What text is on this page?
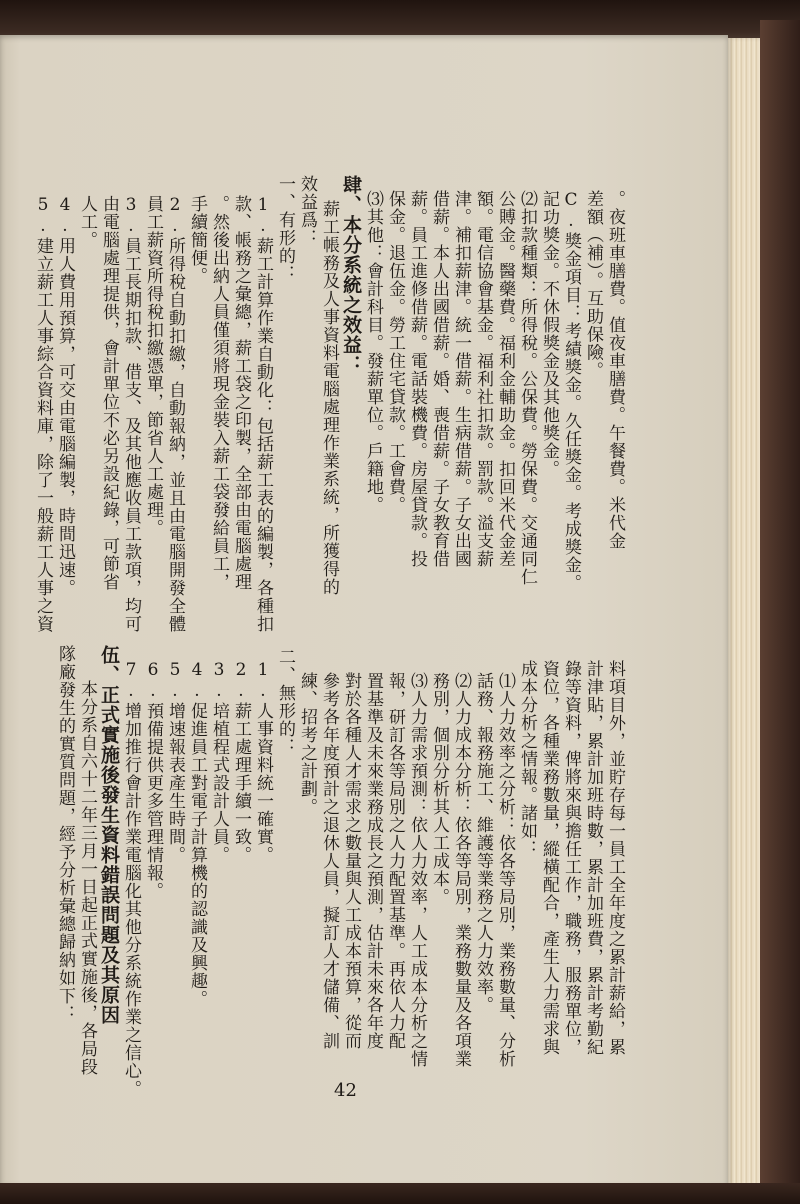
。夜班車膳費。值夜車膳費。午餐費。米代金
差額（補）。互助保險。
C.獎金項目：考績獎金。久任獎金。考成獎金。
記功獎金。不休假獎金及其他獎金。
⑵扣款種類：所得稅。公保費。勞保費。交通同仁
公賻金。醫藥費。福利金輔助金。扣回米代金差
額。電信協會基金。福利社扣款。罰款。溢支薪
津。補扣薪津。統一借薪。生病借薪。子女出國
借薪。本人出國借薪。婚、喪借薪。子女教育借
薪。員工進修借薪。電話裝機費。房屋貸款。投
保金。退伍金。勞工住宅貸款。工會費。
⑶其他：會計科目。發薪單位。戶籍地。
肆、本分系統之效益：
薪工帳務及人事資料電腦處理作業系統，所獲得的
效益爲：
一、有形的：
1.薪工計算作業自動化：包括薪工表的編製，各種扣
款、帳務之彙總，薪工袋之印製，全部由電腦處理
。然後出納人員僅須將現金裝入薪工袋發給員工，
手續簡便。
2.所得稅自動扣繳，自動報納，並且由電腦開發全體
員工薪資所得稅扣繳憑單，節省人工處理。
3.員工長期扣款、借支、及其他應收員工款項，均可
由電腦處理提供，會計單位不必另設紀錄，可節省
人工。
4.用人費用預算，可交由電腦編製，時間迅速。
5.建立薪工人事綜合資料庫，除了一般薪工人事之資
料項目外，並貯存每一員工全年度之累計薪給，累
計津貼，累計加班時數，累計加班費，累計考勤紀
錄等資料，俾將來與擔任工作，職務，服務單位，
資位，各種業務數量，縱橫配合，產生人力需求與
成本分析之情報。諸如：
⑴人力效率之分析：依各等局別，業務數量、分析
話務、報務施工、維護等業務之人力效率。
⑵人力成本分析：依各等局別，業務數量及各項業
務別，個別分析其人工成本。
⑶人力需求預測：依人力效率，人工成本分析之情
報，研訂各等局別之人力配置基準。再依人力配
置基準及未來業務成長之預測，估計未來各年度
對於各種人才需求之數量與人工成本預算，從而
參考各年度預計之退休人員，擬訂人才儲備、訓
練、招考之計劃。
二、無形的：
1.人事資料統一確實。
2.薪工處理手續一致。
3.培植程式設計人員。
4.促進員工對電子計算機的認識及興趣。
5.增速報表產生時間。
6.預備提供更多管理情報。
7.增加推行會計作業電腦化其他分系統作業之信心。
伍、正式實施後發生資料錯誤問題及其原因
本分系自六十二年三月一日起正式實施後，各局段
隊廠發生的實質問題，經予分析彙總歸納如下：
42
